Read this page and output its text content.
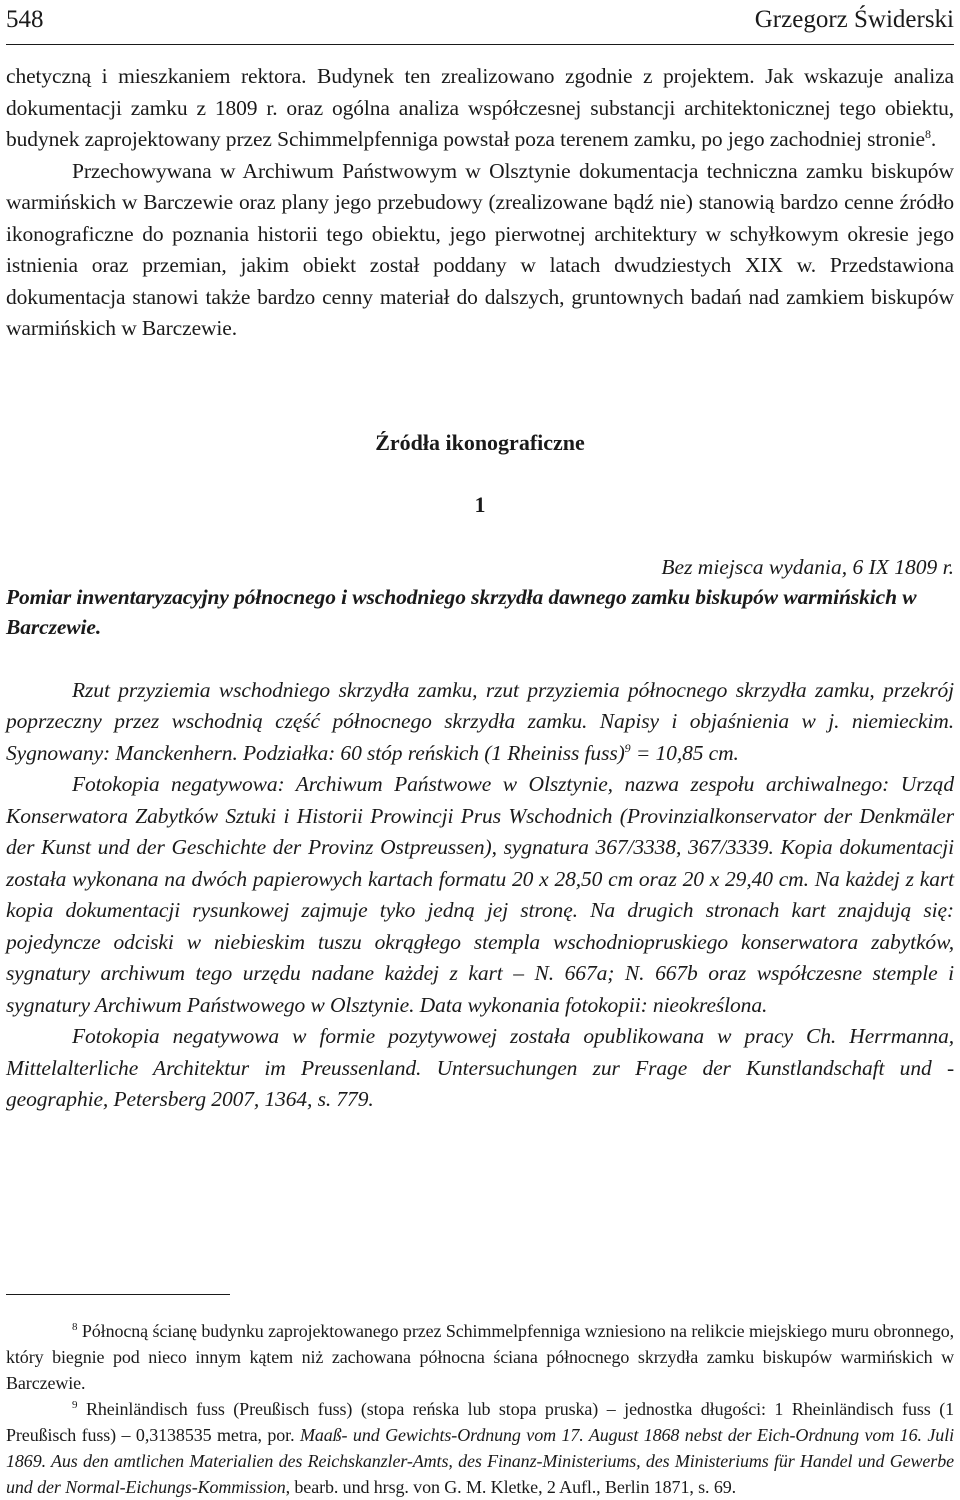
548	Grzegorz Świderski

chetyczną i mieszkaniem rektora. Budynek ten zrealizowano zgodnie z projektem. Jak wskazuje analiza dokumentacji zamku z 1809 r. oraz ogólna analiza współczesnej substancji architektonicznej tego obiektu, budynek zaprojektowany przez Schimmelpfenniga powstał poza terenem zamku, po jego zachodniej stronie$^8$.

Przechowywana w Archiwum Państwowym w Olsztynie dokumentacja techniczna zamku biskupów warmińskich w Barczewie oraz plany jego przebudowy (zrealizowane bądź nie) stanowią bardzo cenne źródło ikonograficzne do poznania historii tego obiektu, jego pierwotnej architektury w schyłkowym okresie jego istnienia oraz przemian, jakim obiekt został poddany w latach dwudziestych XIX w. Przedstawiona dokumentacja stanowi także bardzo cenny materiał do dalszych, gruntownych badań nad zamkiem biskupów warmińskich w Barczewie.

Źródła ikonograficzne
1
Bez miejsca wydania, 6 IX 1809 r.

Pomiar inwentaryzacyjny północnego i wschodniego skrzydła dawnego zamku biskupów warmińskich w Barczewie.

Rzut przyziemia wschodniego skrzydła zamku, rzut przyziemia północnego skrzydła zamku, przekrój poprzeczny przez wschodnią część północnego skrzydła zamku. Napisy i objaśnienia w j. niemieckim. Sygnowany: Manckenhern. Podziałka: 60 stóp reńskich (1 Rheiniss fuss)$^9$ = 10,85 cm.

Fotokopia negatywowa: Archiwum Państwowe w Olsztynie, nazwa zespołu archiwalnego: Urząd Konserwatora Zabytków Sztuki i Historii Prowincji Prus Wschodnich (Provinzialkonservator der Denkmäler der Kunst und der Geschichte der Provinz Ostpreussen), sygnatura 367/3338, 367/3339. Kopia dokumentacji została wykonana na dwóch papierowych kartach formatu 20 x 28,50 cm oraz 20 x 29,40 cm. Na każdej z kart kopia dokumentacji rysunkowej zajmuje tyko jedną jej stronę. Na drugich stronach kart znajdują się: pojedyncze odciski w niebieskim tuszu okrągłego stempla wschodniopruskiego konserwatora zabytków, sygnatury archiwum tego urzędu nadane każdej z kart – N. 667a; N. 667b oraz współczesne stemple i sygnatury Archiwum Państwowego w Olsztynie. Data wykonania fotokopii: nieokreślona.

Fotokopia negatywowa w formie pozytywowej została opublikowana w pracy Ch. Herrmanna, Mittelalterliche Architektur im Preussenland. Untersuchungen zur Frage der Kunstlandschaft und -geographie, Petersberg 2007, 1364, s. 779.

$^8$ Północną ścianę budynku zaprojektowanego przez Schimmelpfenniga wzniesiono na relikcie miejskiego muru obronnego, który biegnie pod nieco innym kątem niż zachowana północna ściana północnego skrzydła zamku biskupów warmińskich w Barczewie.

$^9$ Rheinländisch fuss (Preußisch fuss) (stopa reńska lub stopa pruska) – jednostka długości: 1 Rheinländisch fuss (1 Preußisch fuss) – 0,3138535 metra, por. Maaß- und Gewichts-Ordnung vom 17. August 1868 nebst der Eich-Ordnung vom 16. Juli 1869. Aus den amtlichen Materialien des Reichskanzler-Amts, des Finanz-Ministeriums, des Ministeriums für Handel und Gewerbe und der Normal-Eichungs-Kommission, bearb. und hrsg. von G. M. Kletke, 2 Aufl., Berlin 1871, s. 69.
